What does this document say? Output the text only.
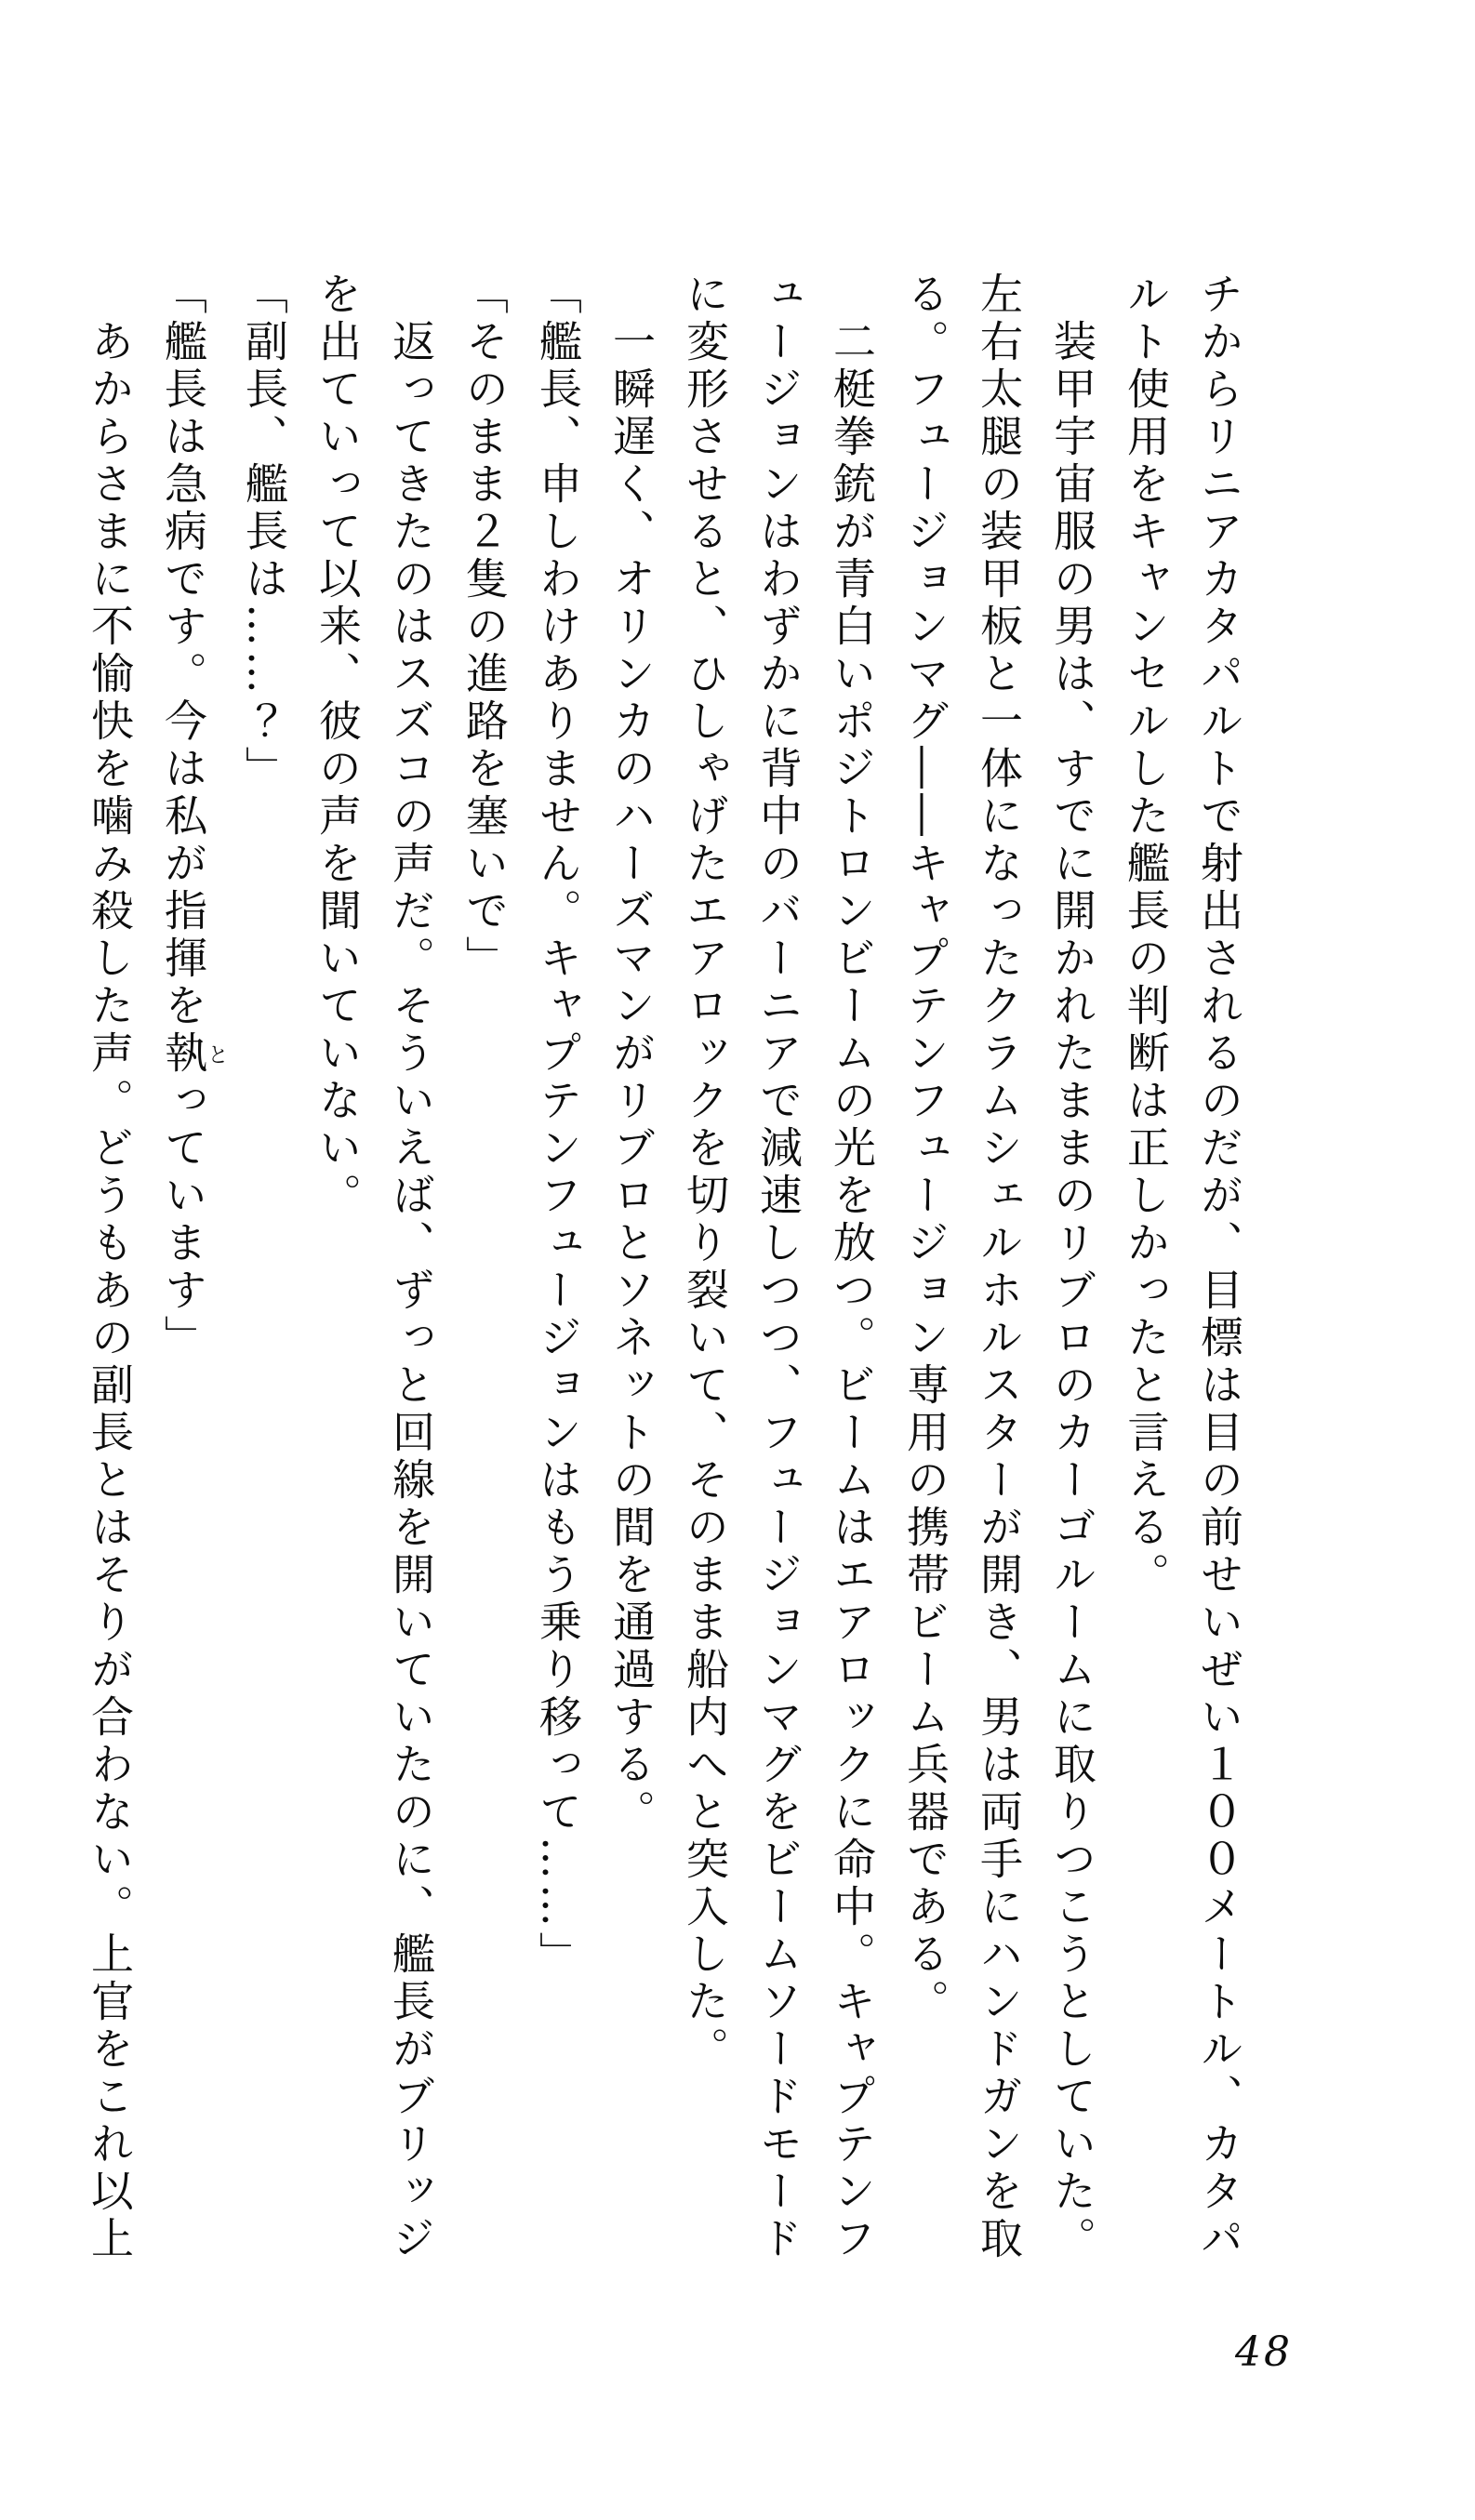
チからリニアカタパルトで射出されるのだが、目標は目の前せいぜい１００メートル、カタパ
ルト使用をキャンセルした艦長の判断は正しかったと言える。
装甲宇宙服の男は、すでに開かれたままのリブロのカーゴルームに取りつこうとしていた。
左右太腿の装甲板と一体になったクラムシェルホルスターが開き、男は両手にハンドガンを取
る。フュージョンマグ――キャプテンフュージョン専用の携帯ビーム兵器である。
二梃拳銃が青白いポジトロンビームの光を放つ。ビームはエアロックに命中。キャプテンフ
ュージョンはわずかに背中のバーニアで減速しつつ、フュージョンマグをビームソードモード
に変形させると、ひしゃげたエアロックを切り裂いて、そのまま船内へと突入した。
一瞬遅く、オリンカのハーズマンがリブロとソネットの間を通過する。
「艦長、申しわけありません。キャプテンフュージョンはもう乗り移って……」
「そのまま２隻の進路を塞いで」
返ってきたのはスズコの声だ。そういえば、ずっと回線を開いていたのに、艦長がブリッジ
を出ていって以来、彼の声を聞いていない。
「副長、艦長は……？」
「艦長は急病です。今は私が指揮を執とっています」
あからさまに不愉快を噛み殺した声。どうもあの副長とはそりが合わない。上官をこれ以上
48
